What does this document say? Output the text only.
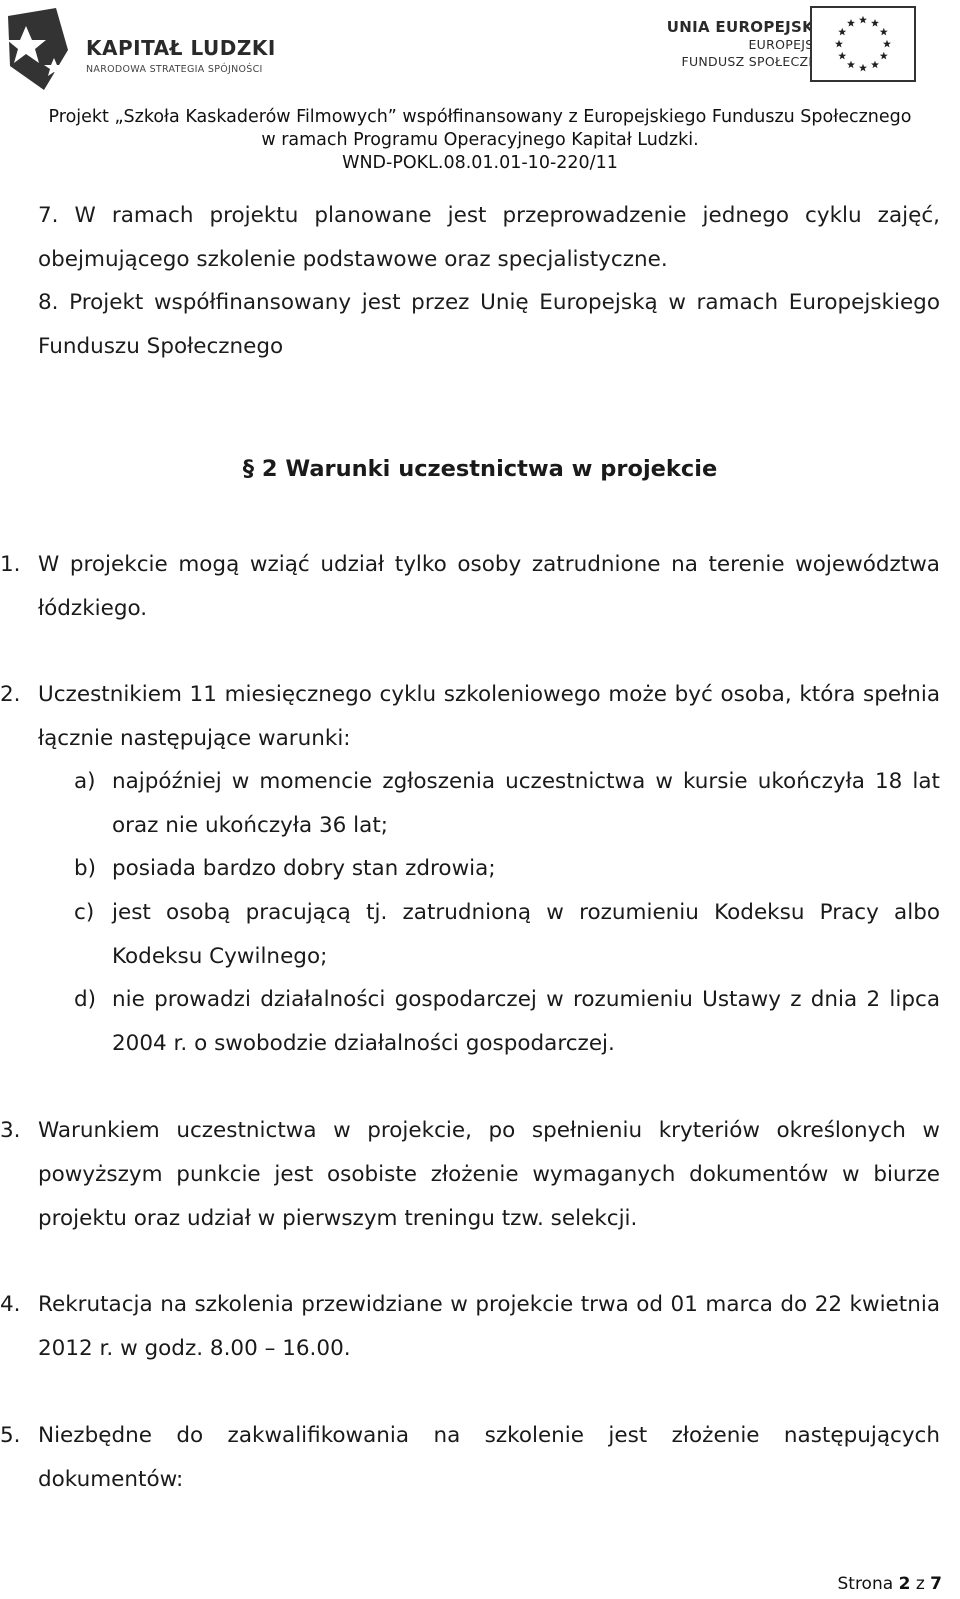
KAPITAŁ LUDZKI
NARODOWA STRATEGIA SPÓJNOŚCI
UNIA EUROPEJSKA
EUROPEJSKI
FUNDUSZ SPOŁECZNY
Projekt „Szkoła Kaskaderów Filmowych” współfinansowany z Europejskiego Funduszu Społecznego
w ramach Programu Operacyjnego Kapitał Ludzki.
WND-POKL.08.01.01-10-220/11
7. W ramach projektu planowane jest przeprowadzenie jednego cyklu zajęć, obejmującego szkolenie podstawowe oraz specjalistyczne.
8. Projekt współfinansowany jest przez Unię Europejską w ramach Europejskiego Funduszu Społecznego
§ 2 Warunki uczestnictwa w projekcie
1. W projekcie mogą wziąć udział tylko osoby zatrudnione na terenie województwa łódzkiego.
2. Uczestnikiem 11 miesięcznego cyklu szkoleniowego może być osoba, która spełnia łącznie następujące warunki:
a) najpóźniej w momencie zgłoszenia uczestnictwa w kursie ukończyła 18 lat oraz nie ukończyła 36 lat;
b) posiada bardzo dobry stan zdrowia;
c) jest osobą pracującą tj. zatrudnioną w rozumieniu Kodeksu Pracy albo Kodeksu Cywilnego;
d) nie prowadzi działalności gospodarczej w rozumieniu Ustawy z dnia 2 lipca 2004 r. o swobodzie działalności gospodarczej.
3. Warunkiem uczestnictwa w projekcie, po spełnieniu kryteriów określonych w powyższym punkcie jest osobiste złożenie wymaganych dokumentów w biurze projektu oraz udział w pierwszym treningu tzw. selekcji.
4. Rekrutacja na szkolenia przewidziane w projekcie trwa od 01 marca do 22 kwietnia 2012 r. w godz. 8.00 – 16.00.
5. Niezbędne do zakwalifikowania na szkolenie jest złożenie następujących dokumentów:
Strona 2 z 7
